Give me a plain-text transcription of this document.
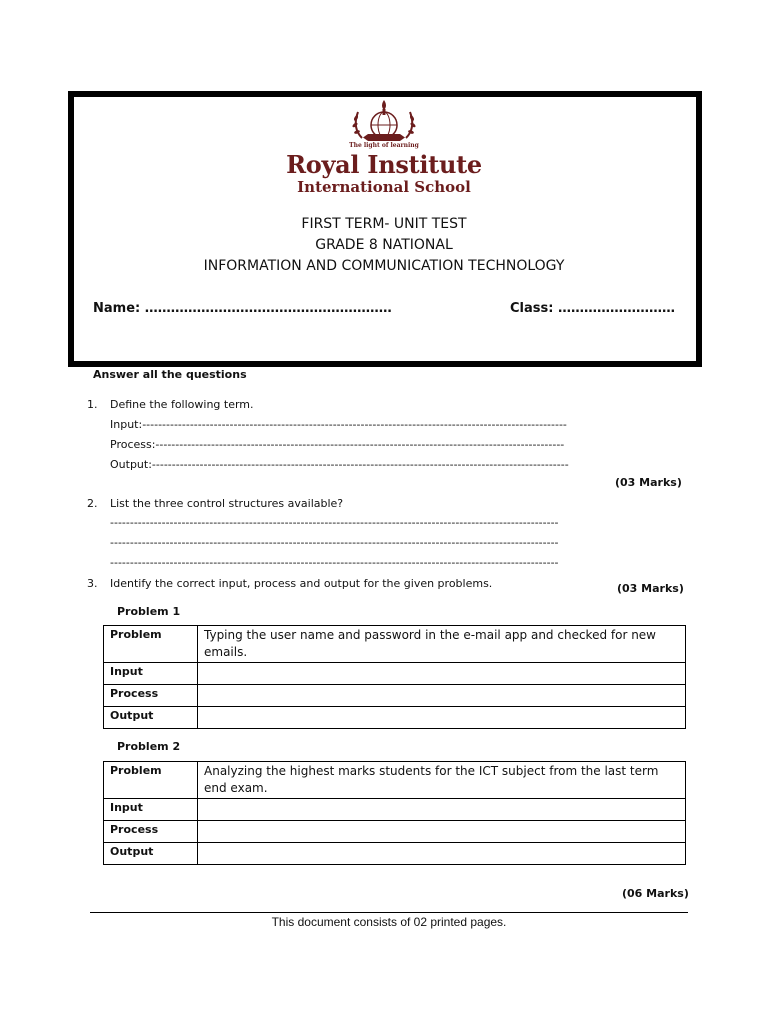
The light of learning
Royal Institute
International School
FIRST TERM- UNIT TEST
GRADE 8 NATIONAL
INFORMATION AND COMMUNICATION TECHNOLOGY
Name: …………………………………………………	Class: ………………………
Answer all the questions
1. Define the following term.
Input:-----------------------------------------------------------------------------------------------------------
Process:-------------------------------------------------------------------------------------------------------
Output:---------------------------------------------------------------------------------------------------------
(03 Marks)
2. List the three control structures available?
-----------------------------------------------------------------------------------------------------------------
-----------------------------------------------------------------------------------------------------------------
-----------------------------------------------------------------------------------------------------------------
3. Identify the correct input, process and output for the given problems.	(03 Marks)
Problem 1
Problem	Typing the user name and password in the e-mail app and checked for new emails.
Input	
Process	
Output	
Problem 2
Problem	Analyzing the highest marks students for the ICT subject from the last term end exam.
Input	
Process	
Output	
(06 Marks)
This document consists of 02 printed pages.
